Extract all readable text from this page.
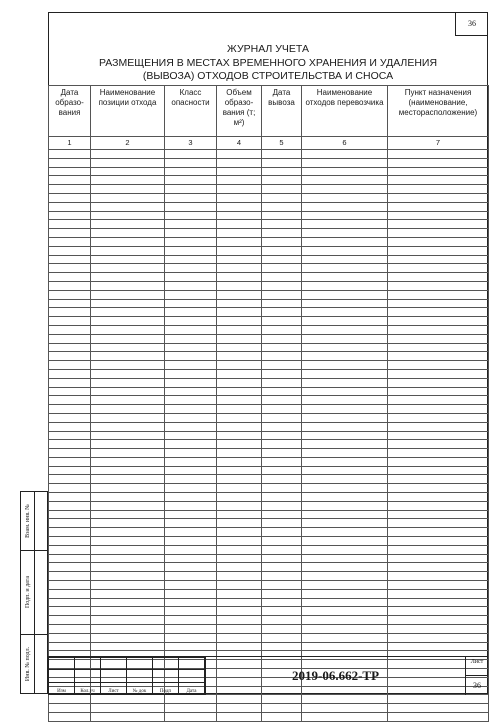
36
ЖУРНАЛ УЧЕТА
РАЗМЕЩЕНИЯ В МЕСТАХ ВРЕМЕННОГО ХРАНЕНИЯ И УДАЛЕНИЯ
(ВЫВОЗА) ОТХОДОВ СТРОИТЕЛЬСТВА И СНОСА
Дата образо-вания	Наименование позиции отхода	Класс опасности	Объем образо-вания (т; м²)	Дата вывоза	Наименование отходов перевозчика	Пункт назначения (наименование, месторасположение)
1	2	3	4	5	6	7

Взам. инв. №
Подп. и дата
Инв. № подл.

Изм	Кол.уч	Лист	№ док	Подп	Дата
2019-06.662-ТР
Лист
36
